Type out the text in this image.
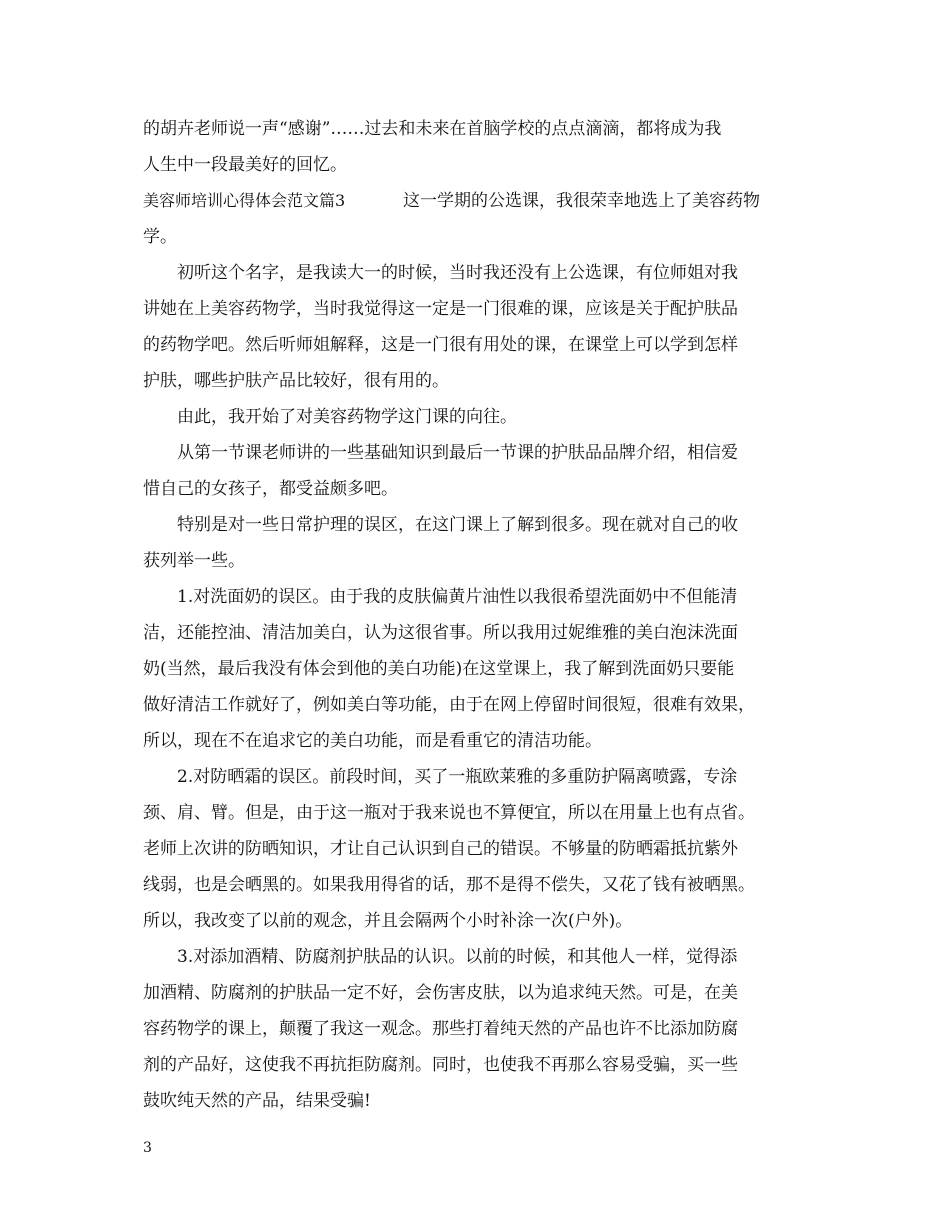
的胡卉老师说一声“感谢”……过去和未来在首脑学校的点点滴滴，都将成为我

人生中一段最美好的回忆。

美容师培训心得体会范文篇3	这一学期的公选课，我很荣幸地选上了美容药物

学。

初听这个名字，是我读大一的时候，当时我还没有上公选课，有位师姐对我

讲她在上美容药物学，当时我觉得这一定是一门很难的课，应该是关于配护肤品

的药物学吧。然后听师姐解释，这是一门很有用处的课，在课堂上可以学到怎样

护肤，哪些护肤产品比较好，很有用的。

由此，我开始了对美容药物学这门课的向往。

从第一节课老师讲的一些基础知识到最后一节课的护肤品品牌介绍，相信爱

惜自己的女孩子，都受益颇多吧。

特别是对一些日常护理的误区，在这门课上了解到很多。现在就对自己的收

获列举一些。

1.对洗面奶的误区。由于我的皮肤偏黄片油性以我很希望洗面奶中不但能清

洁，还能控油、清洁加美白，认为这很省事。所以我用过妮维雅的美白泡沫洗面

奶(当然，最后我没有体会到他的美白功能)在这堂课上，我了解到洗面奶只要能

做好清洁工作就好了，例如美白等功能，由于在网上停留时间很短，很难有效果，

所以，现在不在追求它的美白功能，而是看重它的清洁功能。

2.对防晒霜的误区。前段时间，买了一瓶欧莱雅的多重防护隔离喷露，专涂

颈、肩、臂。但是，由于这一瓶对于我来说也不算便宜，所以在用量上也有点省。

老师上次讲的防晒知识，才让自己认识到自己的错误。不够量的防晒霜抵抗紫外

线弱，也是会晒黑的。如果我用得省的话，那不是得不偿失，又花了钱有被晒黑。

所以，我改变了以前的观念，并且会隔两个小时补涂一次(户外)。

3.对添加酒精、防腐剂护肤品的认识。以前的时候，和其他人一样，觉得添

加酒精、防腐剂的护肤品一定不好，会伤害皮肤，以为追求纯天然。可是，在美

容药物学的课上，颠覆了我这一观念。那些打着纯天然的产品也许不比添加防腐

剂的产品好，这使我不再抗拒防腐剂。同时，也使我不再那么容易受骗，买一些

鼓吹纯天然的产品，结果受骗!

3
